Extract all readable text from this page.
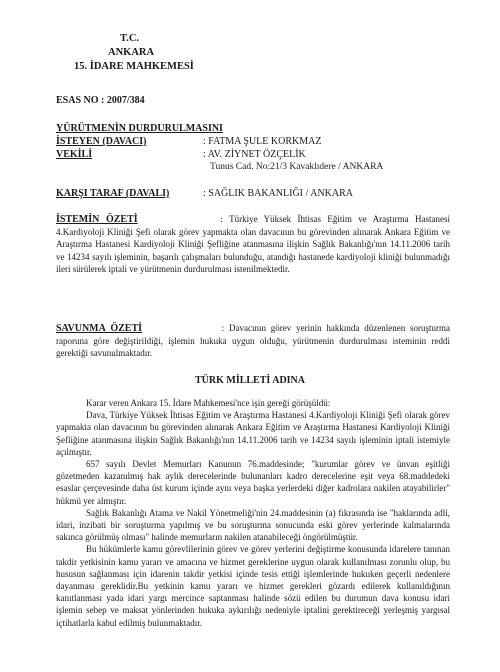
T.C.
ANKARA
15. İDARE MAHKEMESİ
ESAS NO : 2007/384
YÜRÜTMENİN DURDURULMASINI
İSTEYEN (DAVACI)	: FATMA ŞULE KORKMAZ
VEKİLİ	: AV. ZİYNET ÖZÇELİK
Tunus Cad. No:21/3 Kavaklıdere / ANKARA
KARŞI TARAF (DAVALI)	: SAĞLIK BAKANLIĞI / ANKARA

İSTEMİN ÖZETİ	: Türkiye Yüksek İhtisas Eğitim ve Araştırma Hastanesi 4.Kardiyoloji Kliniği Şefi olarak görev yapmakta olan davacının bu görevinden alınarak Ankara Eğitim ve Araştırma Hastanesi Kardiyoloji Kliniği Şefliğine atanmasına ilişkin Sağlık Bakanlığı'nın 14.11.2006 tarih ve 14234 sayılı işleminin, başarılı çalışmaları bulunduğu, atandığı hastanede kardiyoloji kliniği bulunmadığı ileri sürülerek iptali ve yürütmenin durdurulması istenilmektedir.

SAVUNMA ÖZETİ	: Davacının görev yerinin hakkında düzenlenen soruşturma raporuna göre değiştirildiği, işlemin hukuka uygun olduğu, yürütmenin durdurulması isteminin reddi gerektiği savunulmaktadır.

TÜRK MİLLETİ ADINA

Karar veren Ankara 15. İdare Mahkemesi'nce işin gereği görüşüldü:

Dava, Türkiye Yüksek İhtisas Eğitim ve Araştırma Hastanesi 4.Kardiyoloji Kliniği Şefi olarak görev yapmakta olan davacının bu görevinden alınarak Ankara Eğitim ve Araştırma Hastanesi Kardiyoloji Kliniği Şefliğine atanmasına ilişkin Sağlık Bakanlığı'nın 14.11.2006 tarih ve 14234 sayılı işleminin iptali istemiyle açılmıştır.

657 sayılı Devlet Memurları Kanunun 76.maddesinde; "kurumlar görev ve ünvan eşitliği gözetmeden kazanılmış hak aylık derecelerinde bulunanları kadro derecelerine eşit veya 68.maddedeki esaslar çerçevesinde daha üst kurum içinde aynı veya başka yerlerdeki diğer kadrolara nakilen atayabilirler" hükmü yer almıştır.

Sağlık Bakanlığı Atama ve Nakil Yönetmeliği'nin 24.maddesinin (a) fıkrasında ise "haklarında adli, idari, inzibati bir soruşturma yapılmış ve bu soruşturma sonucunda eski görev yerlerinde kalmalarında sakınca görülmüş olması" halinde memurların nakilen atanabileceği öngörülmüştür.

Bu hükümlerle kamu görevlilerinin görev ve görev yerlerini değiştirme konusunda idarelere tanınan takdir yetkisinin kamu yararı ve amacına ve hizmet gereklerine uygun olarak kullanılması zorunlu olup, bu hususun sağlanması için idarenin takdir yetkisi içinde tesis ettiği işlemlerinde hukuken geçerli nedenlere dayanması gereklidir.Bu yetkinin kamu yararı ve hizmet gerekleri gözardı edilerek kullanıldığının kanıtlanması yada idari yargı mercince saptanması halinde sözü edilen bu durumun dava konusu idari işlemin sebep ve maksat yönlerinden hukuka aykırılığı nedeniyle iptalini gerektireceği yerleşmiş yargısal içtihatlarla kabul edilmiş bulunmaktadır.
